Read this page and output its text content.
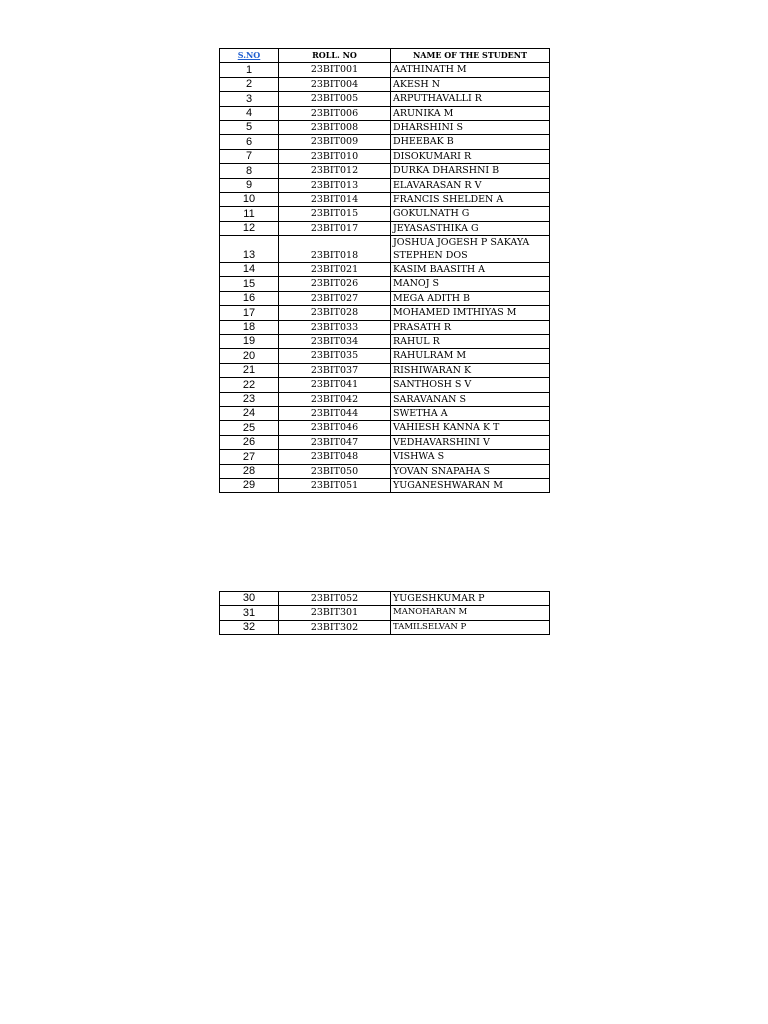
S.NO	ROLL. NO	NAME OF THE STUDENT
1	23BIT001	AATHINATH M
2	23BIT004	AKESH N
3	23BIT005	ARPUTHAVALLI R
4	23BIT006	ARUNIKA M
5	23BIT008	DHARSHINI S
6	23BIT009	DHEEBAK B
7	23BIT010	DISOKUMARI R
8	23BIT012	DURKA DHARSHNI B
9	23BIT013	ELAVARASAN R V
10	23BIT014	FRANCIS SHELDEN A
11	23BIT015	GOKULNATH G
12	23BIT017	JEYASASTHIKA G
13	23BIT018	JOSHUA JOGESH P SAKAYA STEPHEN DOS
14	23BIT021	KASIM BAASITH A
15	23BIT026	MANOJ S
16	23BIT027	MEGA ADITH B
17	23BIT028	MOHAMED IMTHIYAS M
18	23BIT033	PRASATH R
19	23BIT034	RAHUL R
20	23BIT035	RAHULRAM M
21	23BIT037	RISHIWARAN K
22	23BIT041	SANTHOSH S V
23	23BIT042	SARAVANAN S
24	23BIT044	SWETHA A
25	23BIT046	VAHIESH KANNA K T
26	23BIT047	VEDHAVARSHINI V
27	23BIT048	VISHWA S
28	23BIT050	YOVAN SNAPAHA S
29	23BIT051	YUGANESHWARAN M
30	23BIT052	YUGESHKUMAR P
31	23BIT301	MANOHARAN M
32	23BIT302	TAMILSELVAN P
